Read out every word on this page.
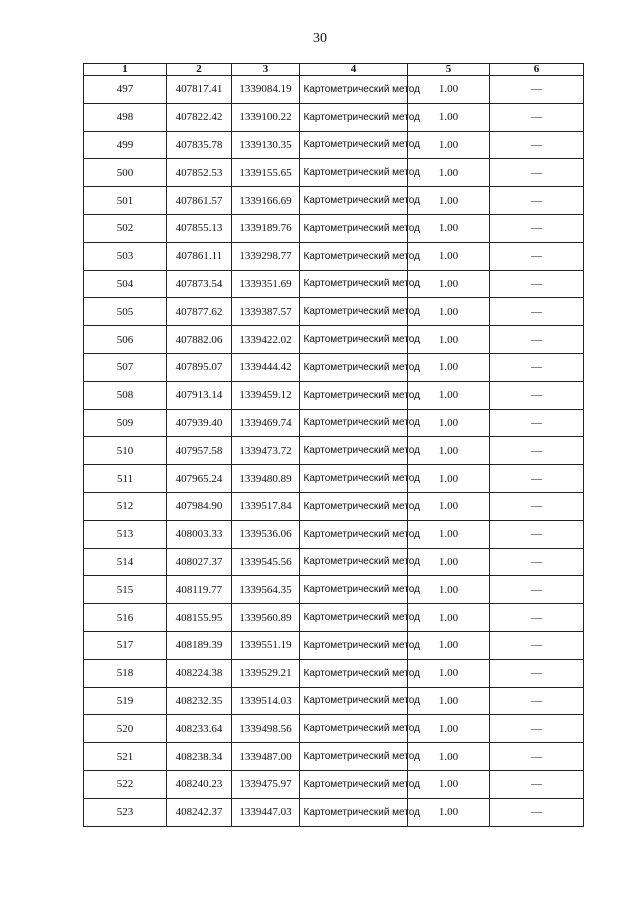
30
1	2	3	4	5	6
497	407817.41	1339084.19	Картометрический метод	1.00	—
498	407822.42	1339100.22	Картометрический метод	1.00	—
499	407835.78	1339130.35	Картометрический метод	1.00	—
500	407852.53	1339155.65	Картометрический метод	1.00	—
501	407861.57	1339166.69	Картометрический метод	1.00	—
502	407855.13	1339189.76	Картометрический метод	1.00	—
503	407861.11	1339298.77	Картометрический метод	1.00	—
504	407873.54	1339351.69	Картометрический метод	1.00	—
505	407877.62	1339387.57	Картометрический метод	1.00	—
506	407882.06	1339422.02	Картометрический метод	1.00	—
507	407895.07	1339444.42	Картометрический метод	1.00	—
508	407913.14	1339459.12	Картометрический метод	1.00	—
509	407939.40	1339469.74	Картометрический метод	1.00	—
510	407957.58	1339473.72	Картометрический метод	1.00	—
511	407965.24	1339480.89	Картометрический метод	1.00	—
512	407984.90	1339517.84	Картометрический метод	1.00	—
513	408003.33	1339536.06	Картометрический метод	1.00	—
514	408027.37	1339545.56	Картометрический метод	1.00	—
515	408119.77	1339564.35	Картометрический метод	1.00	—
516	408155.95	1339560.89	Картометрический метод	1.00	—
517	408189.39	1339551.19	Картометрический метод	1.00	—
518	408224.38	1339529.21	Картометрический метод	1.00	—
519	408232.35	1339514.03	Картометрический метод	1.00	—
520	408233.64	1339498.56	Картометрический метод	1.00	—
521	408238.34	1339487.00	Картометрический метод	1.00	—
522	408240.23	1339475.97	Картометрический метод	1.00	—
523	408242.37	1339447.03	Картометрический метод	1.00	—
